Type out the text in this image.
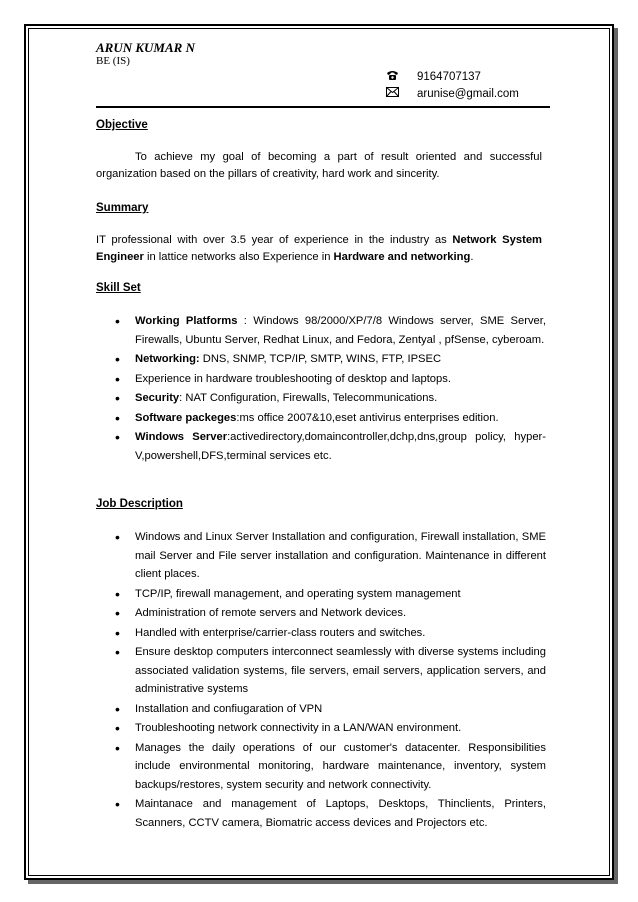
ARUN KUMAR N
BE (IS)
9164707137
arunise@gmail.com
Objective
To achieve my goal of becoming a part of result oriented and successful organization based on the pillars of creativity, hard work and sincerity.
Summary
IT professional with over 3.5 year of experience in the industry as Network System Engineer in lattice networks also Experience in Hardware and networking.
Skill Set
• Working Platforms : Windows 98/2000/XP/7/8 Windows server, SME Server, Firewalls, Ubuntu Server, Redhat Linux, and Fedora, Zentyal , pfSense, cyberoam.
• Networking: DNS, SNMP, TCP/IP, SMTP, WINS, FTP, IPSEC
• Experience in hardware troubleshooting of desktop and laptops.
• Security: NAT Configuration, Firewalls, Telecommunications.
• Software packeges:ms office 2007&10,eset antivirus enterprises edition.
• Windows Server:activedirectory,domaincontroller,dchp,dns,group policy, hyper-V,powershell,DFS,terminal services etc.
Job Description
• Windows and Linux Server Installation and configuration, Firewall installation, SME mail Server and File server installation and configuration. Maintenance in different client places.
• TCP/IP, firewall management, and operating system management
• Administration of remote servers and Network devices.
• Handled with enterprise/carrier-class routers and switches.
• Ensure desktop computers interconnect seamlessly with diverse systems including associated validation systems, file servers, email servers, application servers, and administrative systems
• Installation and confiugaration of VPN
• Troubleshooting network connectivity in a LAN/WAN environment.
• Manages the daily operations of our customer's datacenter. Responsibilities include environmental monitoring, hardware maintenance, inventory, system backups/restores, system security and network connectivity.
• Maintanace and management of Laptops, Desktops, Thinclients, Printers, Scanners, CCTV camera, Biomatric access devices and Projectors etc.
